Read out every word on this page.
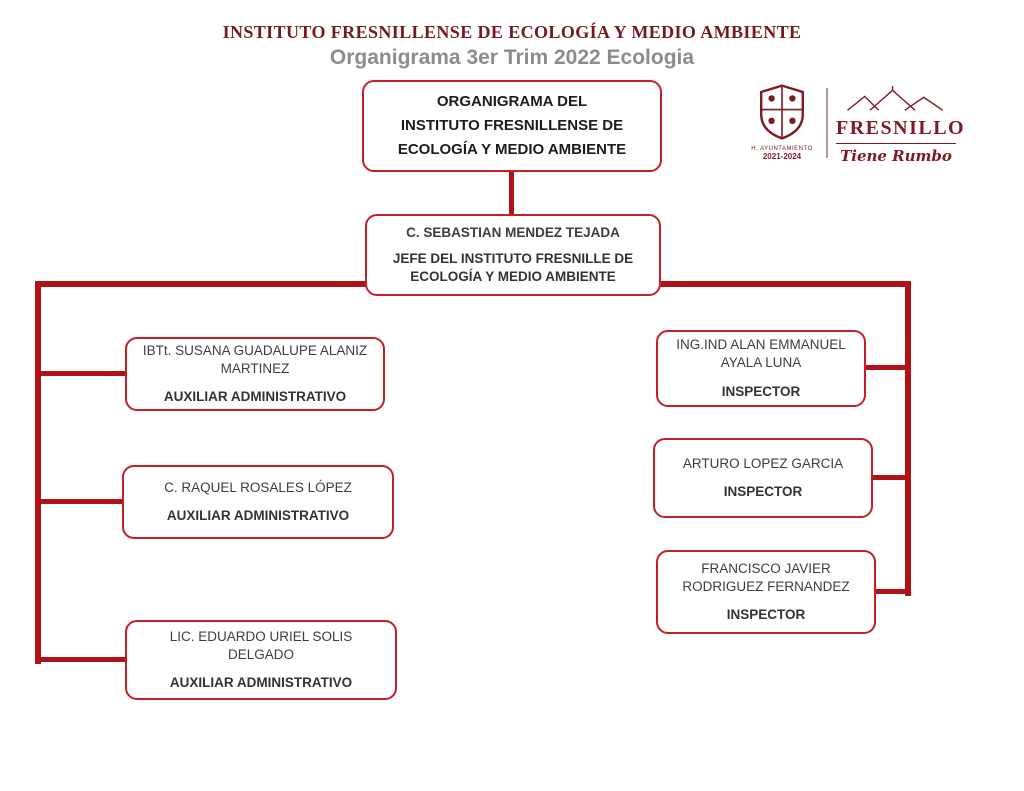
INSTITUTO FRESNILLENSE DE ECOLOGÍA Y MEDIO AMBIENTE
Organigrama 3er Trim 2022 Ecologia
ORGANIGRAMA DEL
INSTITUTO FRESNILLENSE DE
ECOLOGÍA Y MEDIO AMBIENTE
C. SEBASTIAN MENDEZ TEJADA
JEFE DEL INSTITUTO FRESNILLE DE ECOLOGÍA Y MEDIO AMBIENTE
IBTt. SUSANA GUADALUPE ALANIZ MARTINEZ
AUXILIAR ADMINISTRATIVO
C. RAQUEL ROSALES LÓPEZ
AUXILIAR ADMINISTRATIVO
LIC. EDUARDO URIEL SOLIS DELGADO
AUXILIAR ADMINISTRATIVO
ING.IND ALAN EMMANUEL AYALA LUNA
INSPECTOR
ARTURO LOPEZ GARCIA
INSPECTOR
FRANCISCO JAVIER RODRIGUEZ FERNANDEZ
INSPECTOR
H. AYUNTAMIENTO
2021-2024
FRESNILLO
Tiene Rumbo
